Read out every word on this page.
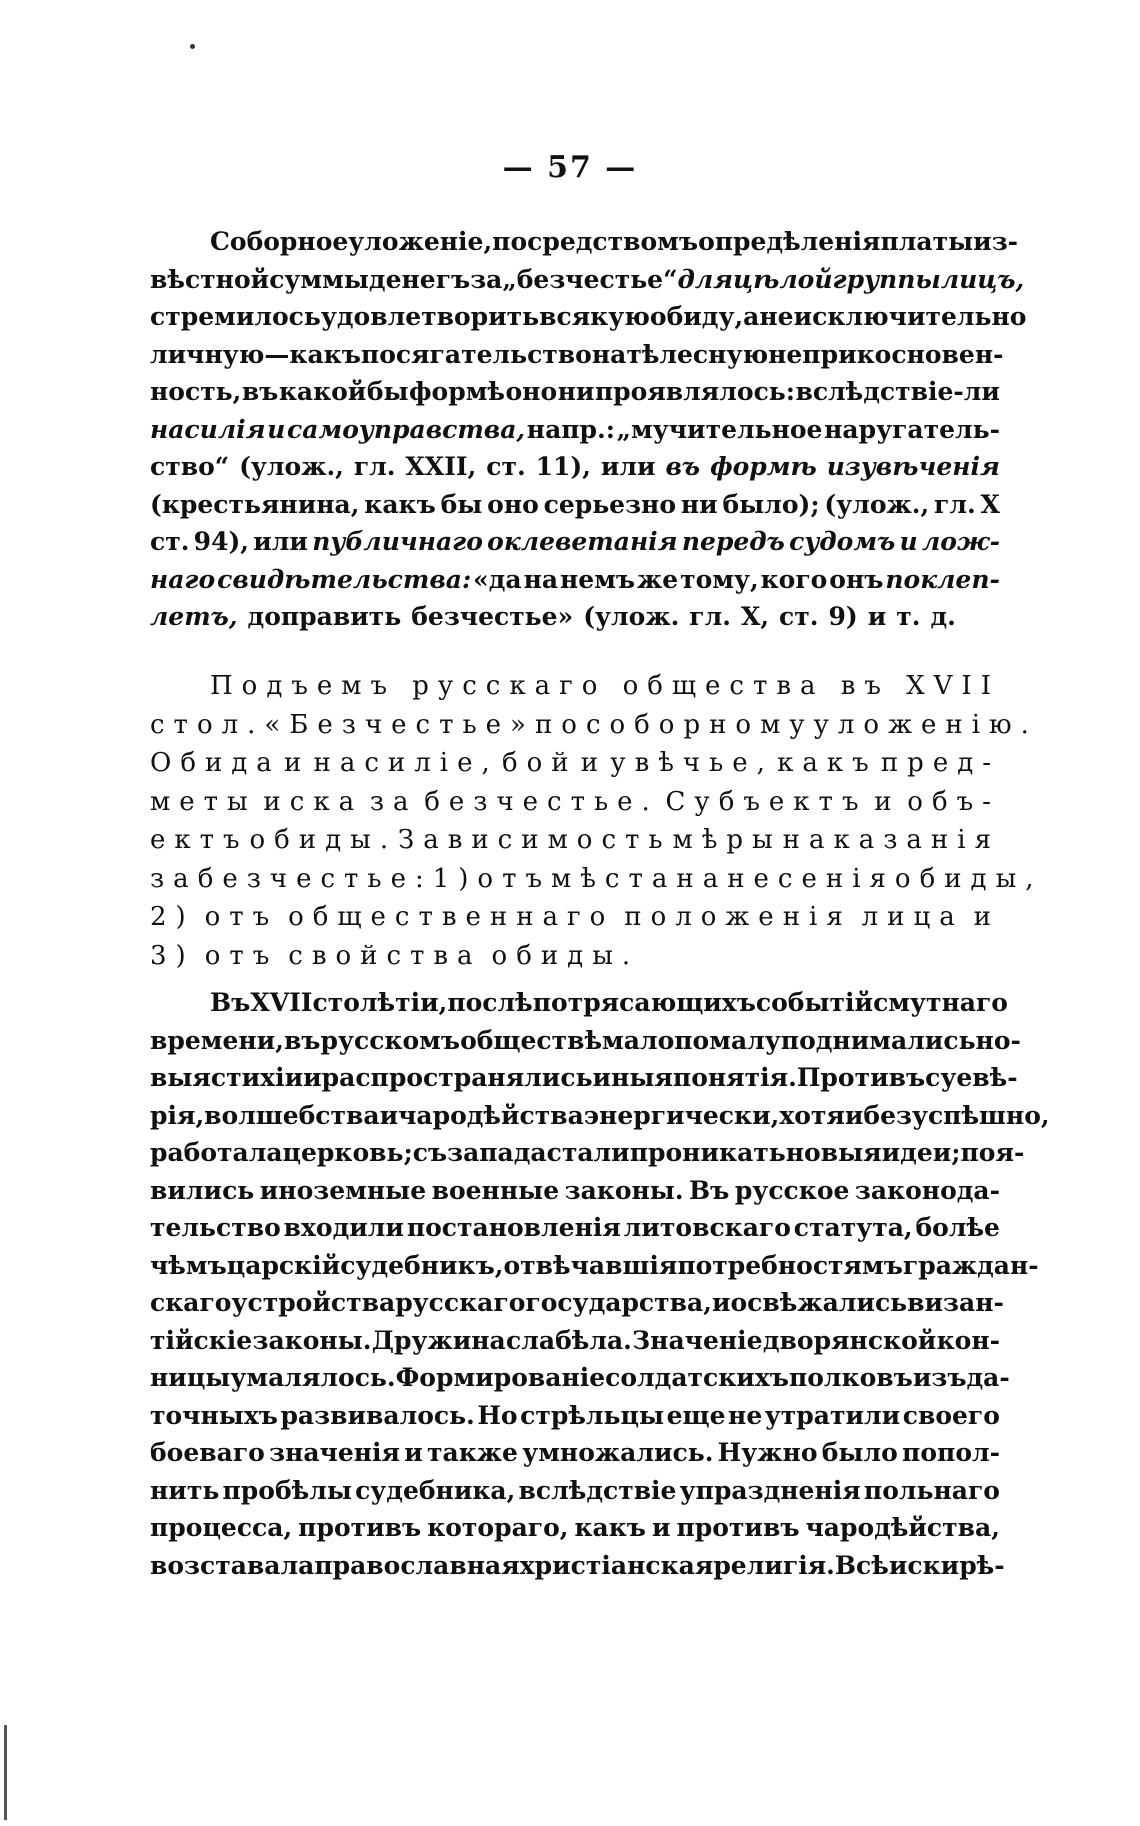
— 57 —
Соборное уложеніе, посредствомъ опредѣленія платы из-
вѣстной суммы денегъ за „безчестье“ для цѣлой группы лицъ,
стремилось удовлетворить всякую обиду, а не исключительно
личную — какъ посягательство на тѣлесную неприкосновен-
ность, въ какой бы формѣ оно ни проявлялось: вслѣдствіе-ли
насилія и самоуправства, напр.: „мучительное наругатель-
ство“ (улож., гл. XXII, ст. 11), или въ формѣ изувѣченія
(крестьянина, какъ бы оно серьезно ни было); (улож., гл. X
ст. 94), или публичнаго оклеветанія передъ судомъ и лож-
наго свидѣтельства: «да на немъ же тому, кого онъ поклеп-
летъ, доправить безчестье» (улож. гл. X, ст. 9) и т. д.
Подъемъ русскаго общества въ XVII
стол. «Безчестье» по соборному уложенію.
Обида и насиліе, бой и увѣчье, какъ пред-
меты иска за безчестье. Субъектъ и объ-
ектъ обиды. Зависимость мѣры наказанія
за безчестье: 1) отъ мѣста нанесенія обиды,
2) отъ общественнаго положенія лица и
3) отъ свойства обиды.
Въ XVII столѣтіи, послѣ потрясающихъ событій смутнаго
времени, въ русскомъ обществѣ мало по малу поднимались но-
выя стихіи и распространялись иныя понятія. Противъ суевѣ-
рія, волшебства и чародѣйства энергически, хотя и безуспѣшно,
работала церковь; съ запада стали проникать новыя идеи; поя-
вились иноземные военные законы. Въ русское законода-
тельство входили постановленія литовскаго статута, болѣе
чѣмъ царскій судебникъ, отвѣчавшія потребностямъ граждан-
скаго устройства русскаго государства, и освѣжались визан-
тійскіе законы. Дружина слабѣла. Значеніе дворянской кон-
ницы умалялось. Формированіе солдатскихъ полковъ изъ да-
точныхъ развивалось. Но стрѣльцы еще не утратили своего
боеваго значенія и также умножались. Нужно было попол-
нить пробѣлы судебника, вслѣдствіе упраздненія польнаго
процесса, противъ котораго, какъ и противъ чародѣйства,
возставала православная христіанская религія. Всѣ иски рѣ-
